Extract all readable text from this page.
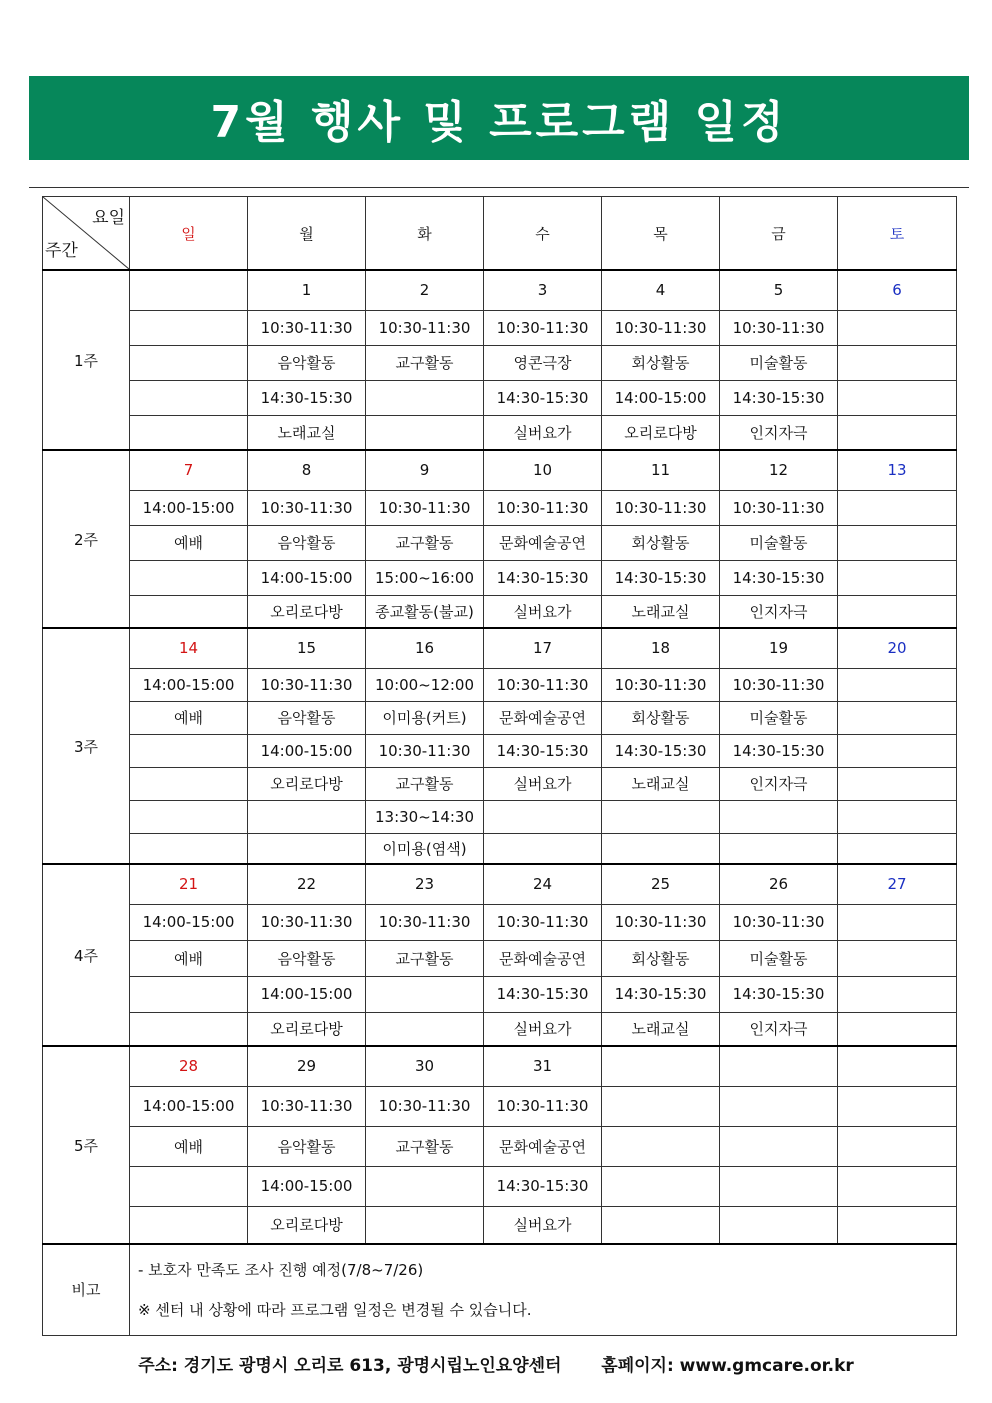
7월 행사 및 프로그램 일정
요일
주간	일	월	화	수	목	금	토
1주		1	2	3	4	5	6
		10:30-11:30	10:30-11:30	10:30-11:30	10:30-11:30	10:30-11:30	
		음악활동	교구활동	영콘극장	회상활동	미술활동	
		14:30-15:30		14:30-15:30	14:00-15:00	14:30-15:30	
		노래교실		실버요가	오리로다방	인지자극	
2주	7	8	9	10	11	12	13
	14:00-15:00	10:30-11:30	10:30-11:30	10:30-11:30	10:30-11:30	10:30-11:30	
	예배	음악활동	교구활동	문화예술공연	회상활동	미술활동	
		14:00-15:00	15:00~16:00	14:30-15:30	14:30-15:30	14:30-15:30	
		오리로다방	종교활동(불교)	실버요가	노래교실	인지자극	
3주	14	15	16	17	18	19	20
	14:00-15:00	10:30-11:30	10:00~12:00	10:30-11:30	10:30-11:30	10:30-11:30	
	예배	음악활동	이미용(커트)	문화예술공연	회상활동	미술활동	
		14:00-15:00	10:30-11:30	14:30-15:30	14:30-15:30	14:30-15:30	
		오리로다방	교구활동	실버요가	노래교실	인지자극	
			13:30~14:30				
			이미용(염색)				
4주	21	22	23	24	25	26	27
	14:00-15:00	10:30-11:30	10:30-11:30	10:30-11:30	10:30-11:30	10:30-11:30	
	예배	음악활동	교구활동	문화예술공연	회상활동	미술활동	
		14:00-15:00		14:30-15:30	14:30-15:30	14:30-15:30	
		오리로다방		실버요가	노래교실	인지자극	
5주	28	29	30	31			
	14:00-15:00	10:30-11:30	10:30-11:30	10:30-11:30			
	예배	음악활동	교구활동	문화예술공연			
		14:00-15:00		14:30-15:30			
		오리로다방		실버요가			
비고	- 보호자 만족도 조사 진행 예정(7/8~7/26)
※ 센터 내 상황에 따라 프로그램 일정은 변경될 수 있습니다.						
주소: 경기도 광명시 오리로 613, 광명시립노인요양센터 홈페이지: www.gmcare.or.kr
